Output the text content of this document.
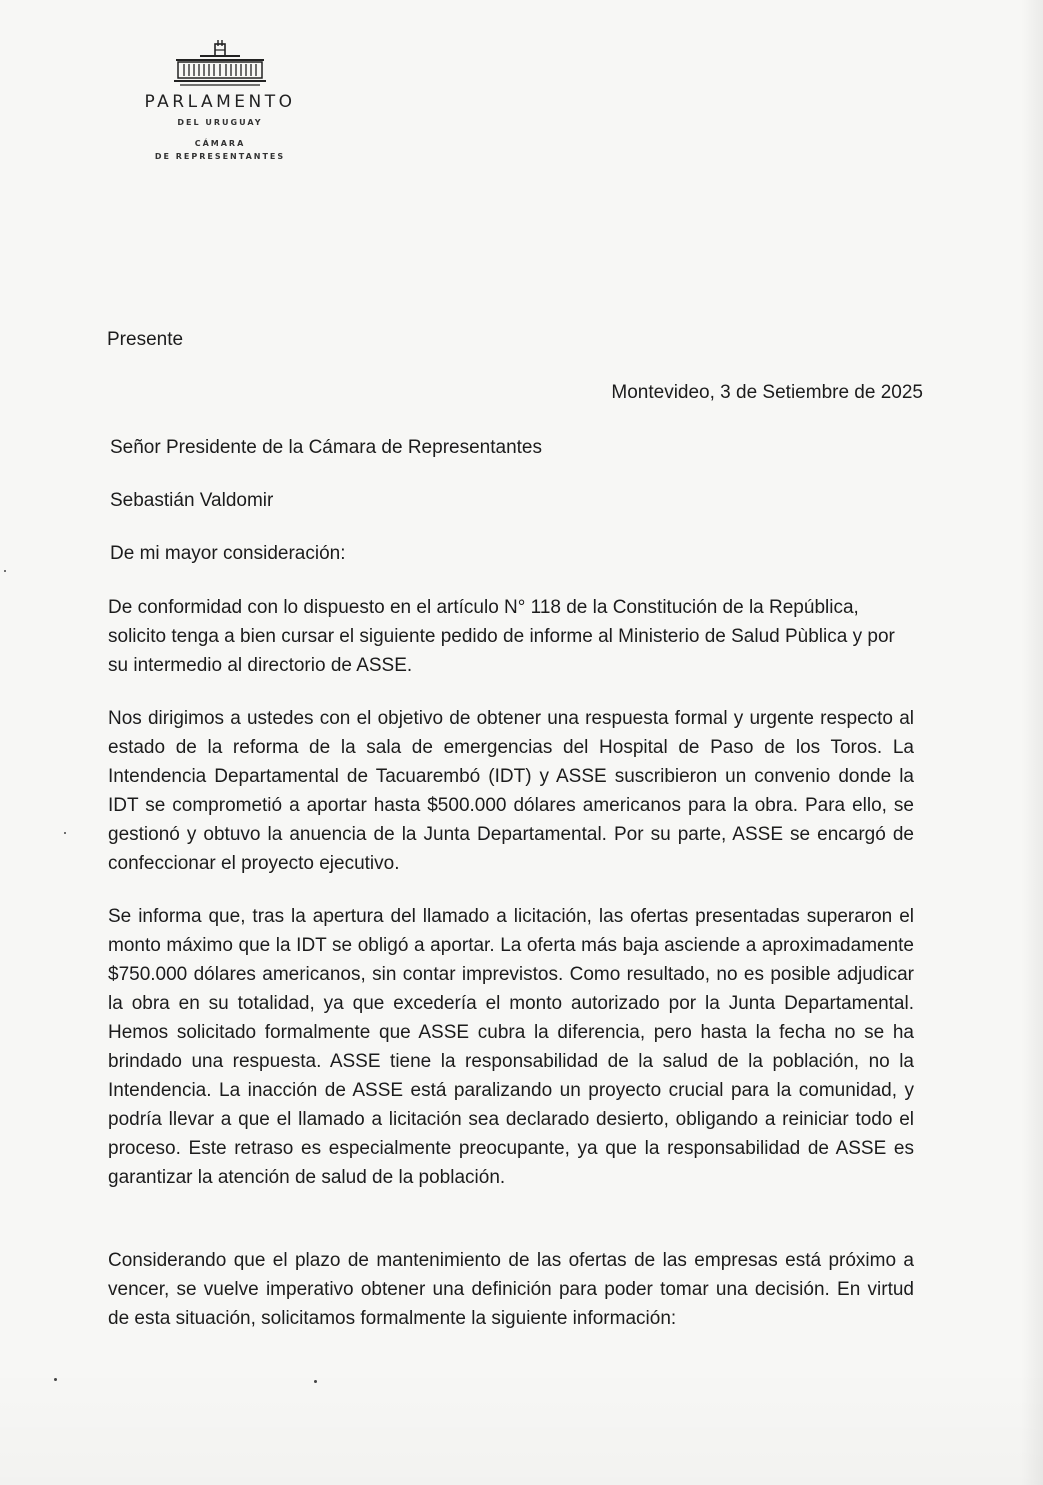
PARLAMENTO
DEL URUGUAY
CÁMARA
DE REPRESENTANTES
Presente
Montevideo, 3 de Setiembre de 2025
Señor Presidente de la Cámara de Representantes
Sebastián Valdomir
De mi mayor consideración:

De conformidad con lo dispuesto en el artículo N° 118 de la Constitución de la República, solicito tenga a bien cursar el siguiente pedido de informe al Ministerio de Salud Pùblica y por su intermedio al directorio de ASSE.

Nos dirigimos a ustedes con el objetivo de obtener una respuesta formal y urgente respecto al estado de la reforma de la sala de emergencias del Hospital de Paso de los Toros. La Intendencia Departamental de Tacuarembó (IDT) y ASSE suscribieron un convenio donde la IDT se comprometió a aportar hasta $500.000 dólares americanos para la obra. Para ello, se gestionó y obtuvo la anuencia de la Junta Departamental. Por su parte, ASSE se encargó de confeccionar el proyecto ejecutivo.

Se informa que, tras la apertura del llamado a licitación, las ofertas presentadas superaron el monto máximo que la IDT se obligó a aportar. La oferta más baja asciende a aproximadamente $750.000 dólares americanos, sin contar imprevistos. Como resultado, no es posible adjudicar la obra en su totalidad, ya que excedería el monto autorizado por la Junta Departamental. Hemos solicitado formalmente que ASSE cubra la diferencia, pero hasta la fecha no se ha brindado una respuesta. ASSE tiene la responsabilidad de la salud de la población, no la Intendencia. La inacción de ASSE está paralizando un proyecto crucial para la comunidad, y podría llevar a que el llamado a licitación sea declarado desierto, obligando a reiniciar todo el proceso. Este retraso es especialmente preocupante, ya que la responsabilidad de ASSE es garantizar la atención de salud de la población.

Considerando que el plazo de mantenimiento de las ofertas de las empresas está próximo a vencer, se vuelve imperativo obtener una definición para poder tomar una decisión. En virtud de esta situación, solicitamos formalmente la siguiente información:
